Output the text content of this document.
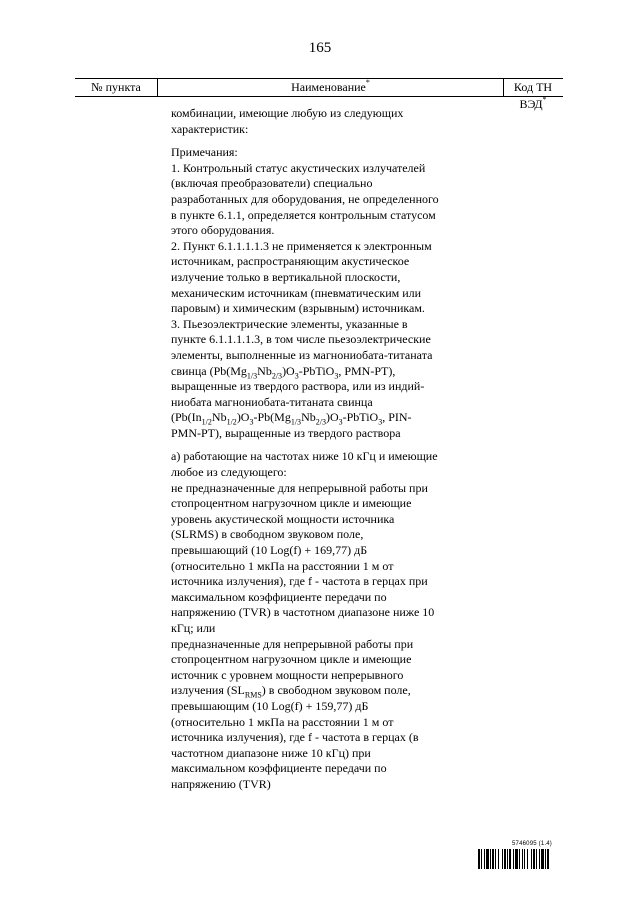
165
№ пункта	Наименование*	Код ТН ВЭД*

комбинации, имеющие любую из следующих характеристик:

Примечания:

1. Контрольный статус акустических излучателей (включая преобразователи) специально разработанных для оборудования, не определенного в пункте 6.1.1, определяется контрольным статусом этого оборудования.

2. Пункт 6.1.1.1.1.3 не применяется к электронным источникам, распространяющим акустическое излучение только в вертикальной плоскости, механическим источникам (пневматическим или паровым) и химическим (взрывным) источникам.

3. Пьезоэлектрические элементы, указанные в пункте 6.1.1.1.1.3, в том числе пьезоэлектрические элементы, выполненные из магнониобата-титаната свинца ($Pb(Mg_{1/3}Nb_{2/3})O_3-PbTiO_3$, PMN-PT), выращенные из твердого раствора, или из индий-ниобата магнониобата-титаната свинца ($Pb(In_{1/2}Nb_{1/2})O_3-Pb(Mg_{1/3}Nb_{2/3})O_3-PbTiO_3$, PIN-PMN-PT), выращенные из твердого раствора

а) работающие на частотах ниже 10 кГц и имеющие любое из следующего:

не предназначенные для непрерывной работы при стопроцентном нагрузочном цикле и имеющие уровень акустической мощности источника (SLRMS) в свободном звуковом поле, превышающий (10 Log(f) + 169,77) дБ (относительно 1 мкПа на расстоянии 1 м от источника излучения), где f - частота в герцах при максимальном коэффициенте передачи по напряжению (TVR) в частотном диапазоне ниже 10 кГц; или

предназначенные для непрерывной работы при стопроцентном нагрузочном цикле и имеющие источник с уровнем мощности непрерывного излучения $(SL_{RMS})$ в свободном звуковом поле, превышающим (10 Log(f) + 159,77) дБ (относительно 1 мкПа на расстоянии 1 м от источника излучения), где f - частота в герцах (в частотном диапазоне ниже 10 кГц) при максимальном коэффициенте передачи по напряжению (TVR)

5746095 (1.4)
